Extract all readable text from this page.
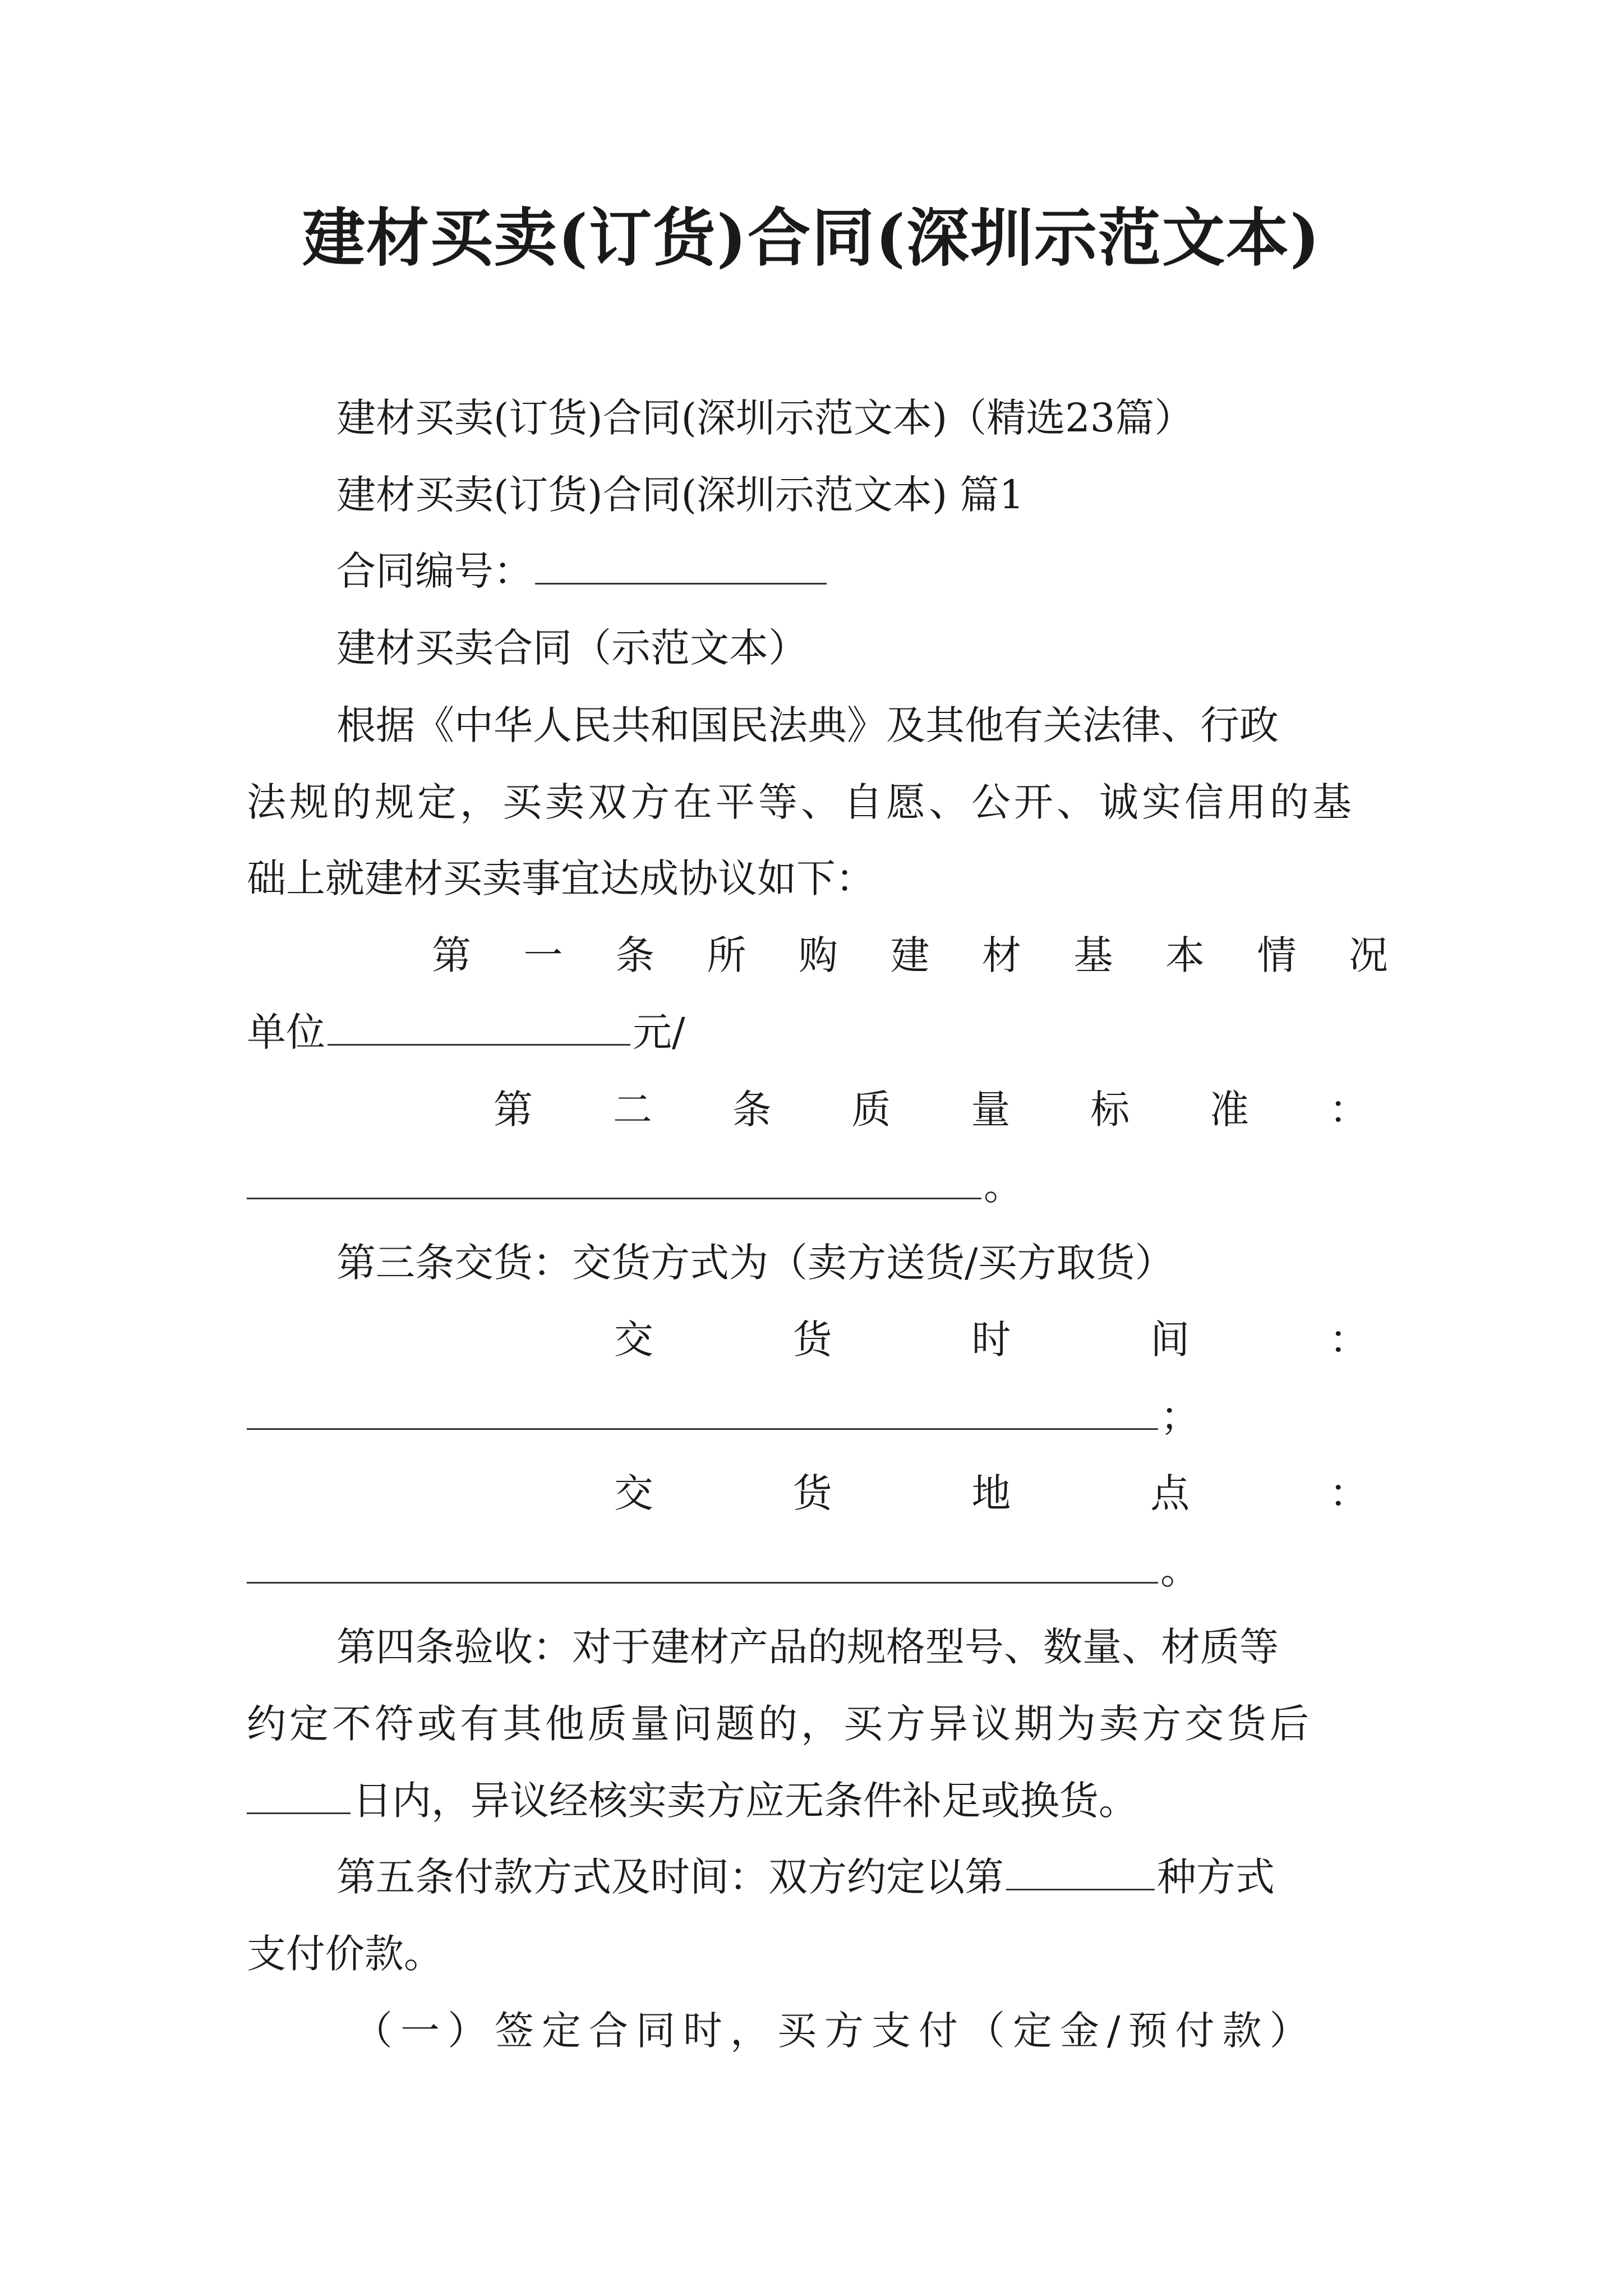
建材买卖(订货)合同(深圳示范文本)
建材买卖(订货)合同(深圳示范文本)（精选23篇）
建材买卖(订货)合同(深圳示范文本) 篇1
合同编号：
建材买卖合同（示范文本）
根据《中华人民共和国民法典》及其他有关法律、行政
法规的规定，买卖双方在平等、自愿、公开、诚实信用的基
础上就建材买卖事宜达成协议如下：
第 一 条 所 购 建 材 基 本 情 况
单位	元/
第 二 条 质 量 标 准 ：
。
第三条交货：交货方式为（卖方送货/买方取货）
交	货	时	间	：
；
交	货	地	点	：
。
第四条验收：对于建材产品的规格型号、数量、材质等
约定不符或有其他质量问题的，买方异议期为卖方交货后
日内，异议经核实卖方应无条件补足或换货。
第五条付款方式及时间：双方约定以第	种方式
支付价款。
（一）签定合同时，买方支付（定金/预付款）
